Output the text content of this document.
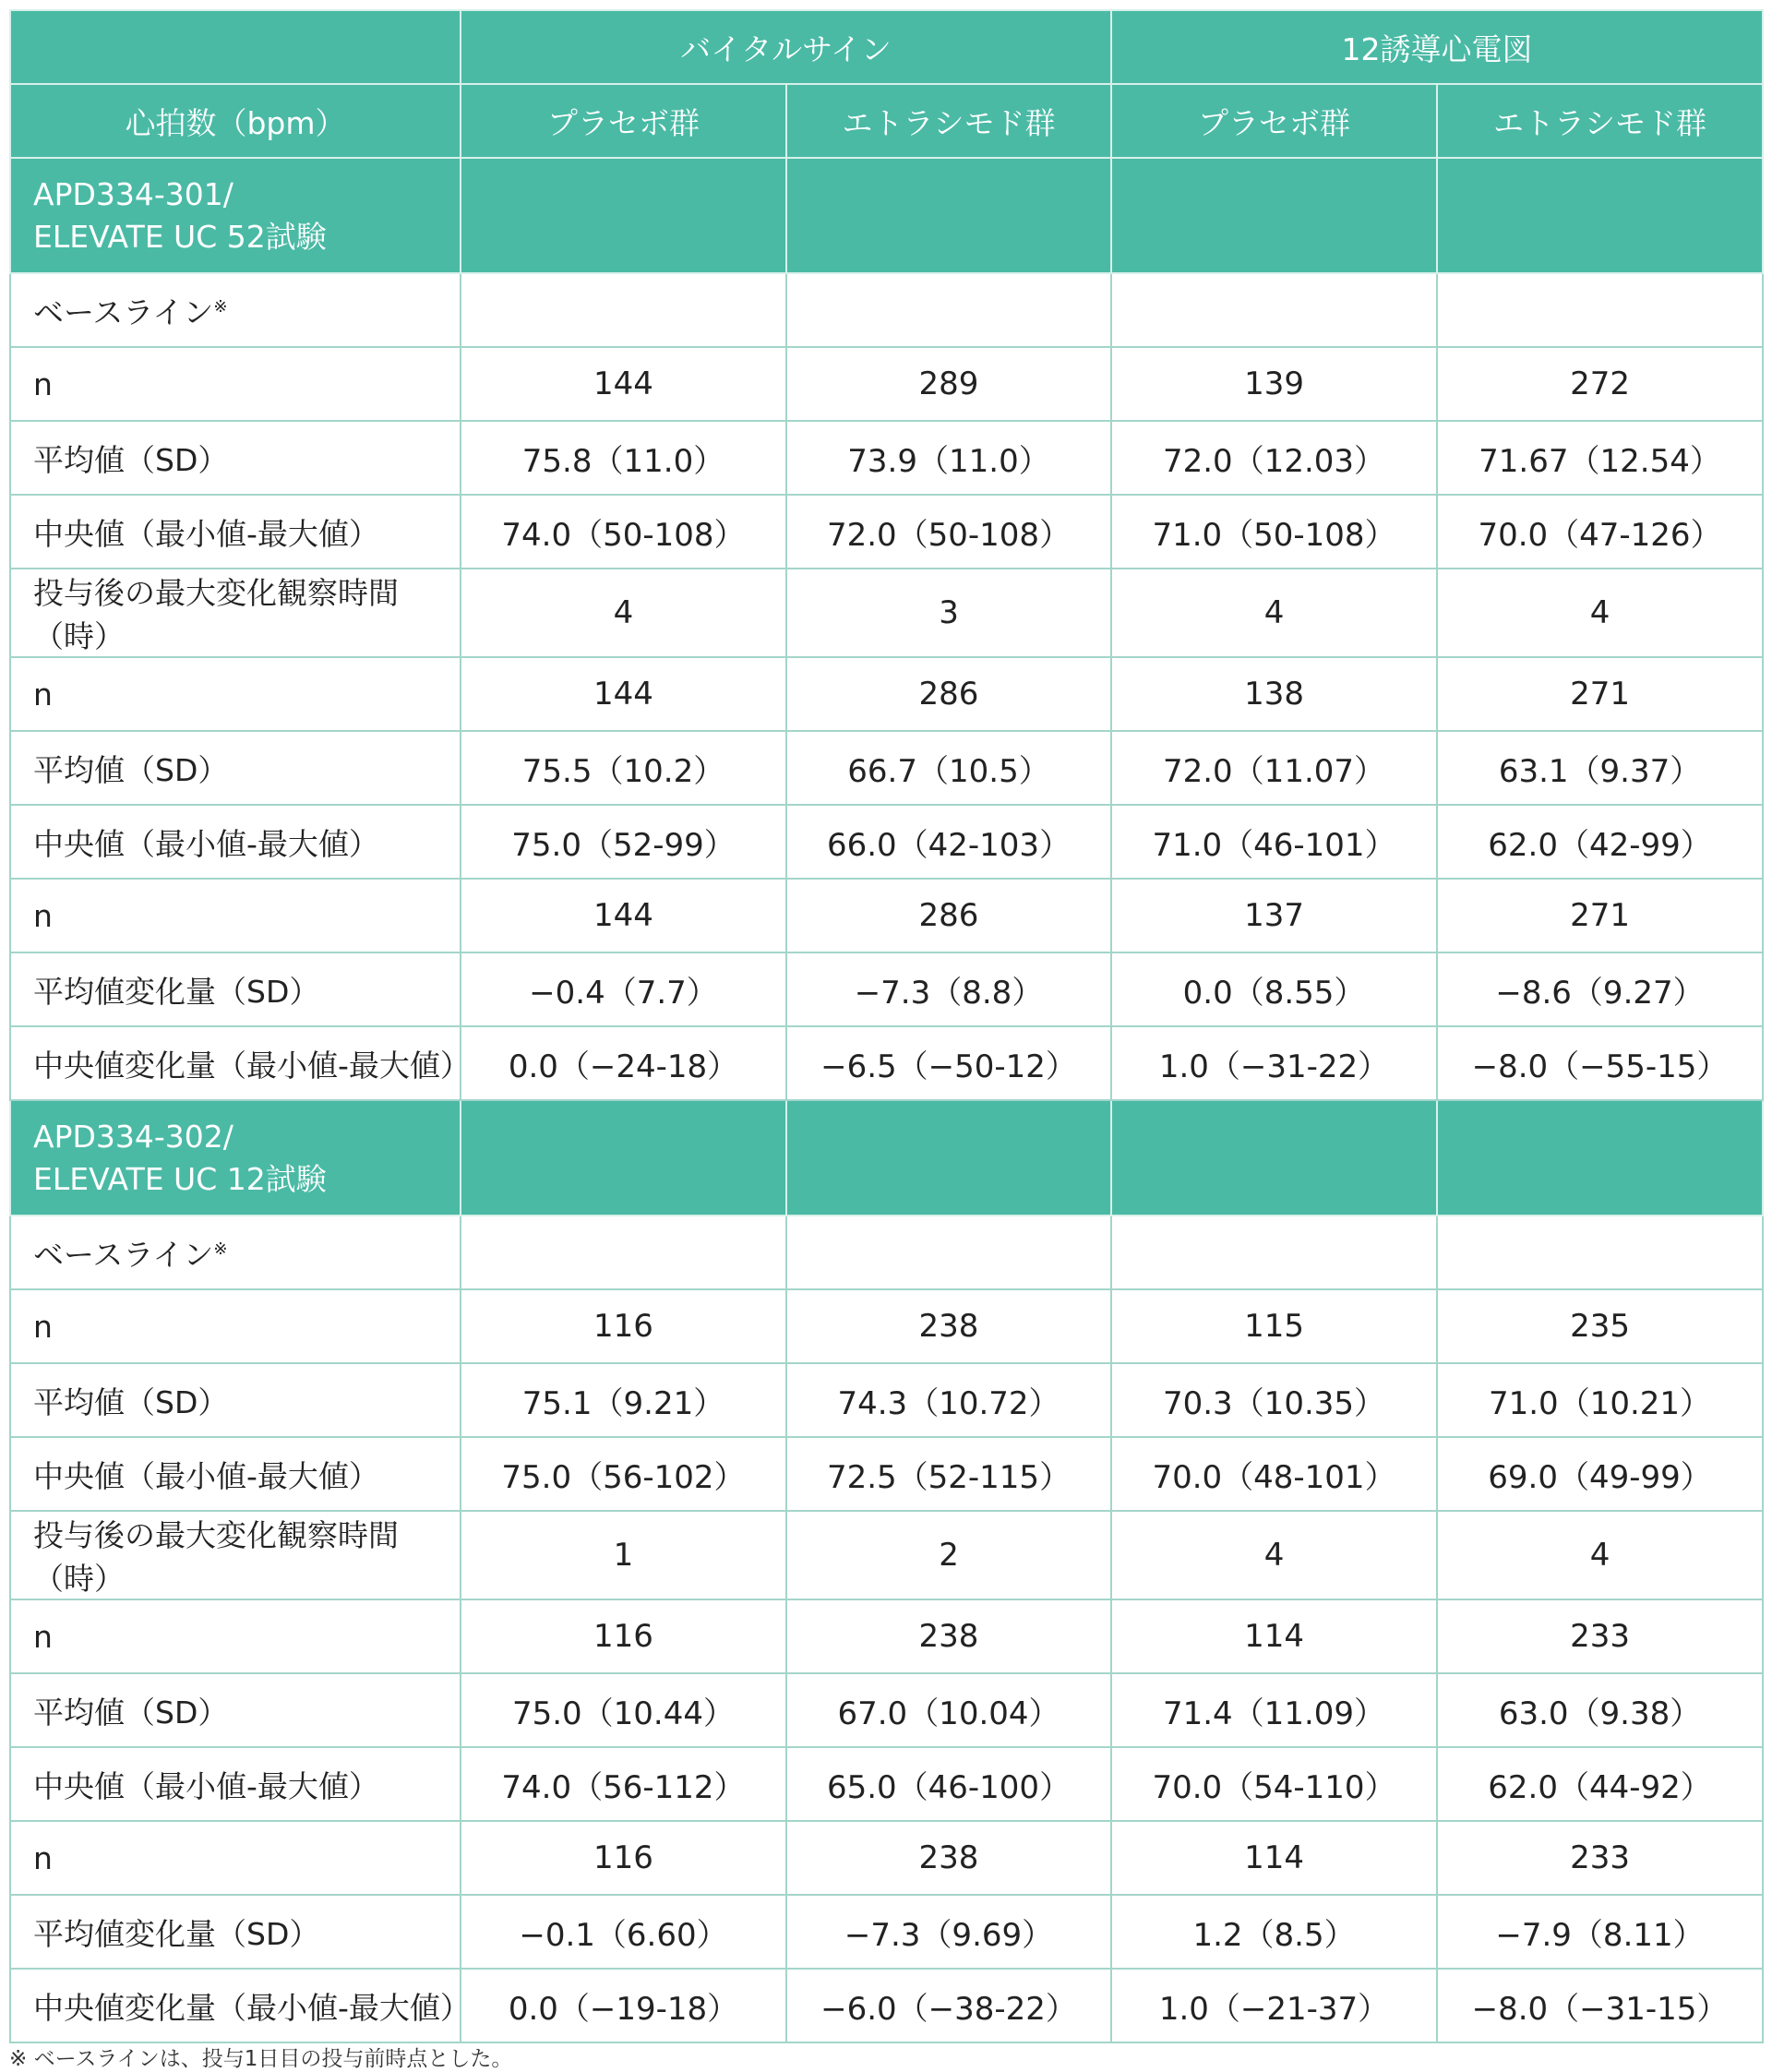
	バイタルサイン		12誘導心電図	
心拍数（bpm）	プラセボ群	エトラシモド群	プラセボ群	エトラシモド群

APD334-301/
ELEVATE UC 52試験				

ベースライン※				
n	144	289	139	272
平均値（SD）	75.8（11.0）	73.9（11.0）	72.0（12.03）	71.67（12.54）
中央値（最小値-最大値）	74.0（50-108）	72.0（50-108）	71.0（50-108）	70.0（47-126）
投与後の最大変化観察時間（時）	4	3	4	4
n	144	286	138	271
平均値（SD）	75.5（10.2）	66.7（10.5）	72.0（11.07）	63.1（9.37）
中央値（最小値-最大値）	75.0（52-99）	66.0（42-103）	71.0（46-101）	62.0（42-99）
n	144	286	137	271
平均値変化量（SD）	−0.4（7.7）	−7.3（8.8）	0.0（8.55）	−8.6（9.27）
中央値変化量（最小値-最大値）	0.0（−24-18）	−6.5（−50-12）	1.0（−31-22）	−8.0（−55-15）

APD334-302/
ELEVATE UC 12試験				

ベースライン※				
n	116	238	115	235
平均値（SD）	75.1（9.21）	74.3（10.72）	70.3（10.35）	71.0（10.21）
中央値（最小値-最大値）	75.0（56-102）	72.5（52-115）	70.0（48-101）	69.0（49-99）
投与後の最大変化観察時間（時）	1	2	4	4
n	116	238	114	233
平均値（SD）	75.0（10.44）	67.0（10.04）	71.4（11.09）	63.0（9.38）
中央値（最小値-最大値）	74.0（56-112）	65.0（46-100）	70.0（54-110）	62.0（44-92）
n	116	238	114	233
平均値変化量（SD）	−0.1（6.60）	−7.3（9.69）	1.2（8.5）	−7.9（8.11）
中央値変化量（最小値-最大値）	0.0（−19-18）	−6.0（−38-22）	1.0（−21-37）	−8.0（−31-15）
※ ベースラインは、投与1日目の投与前時点とした。
